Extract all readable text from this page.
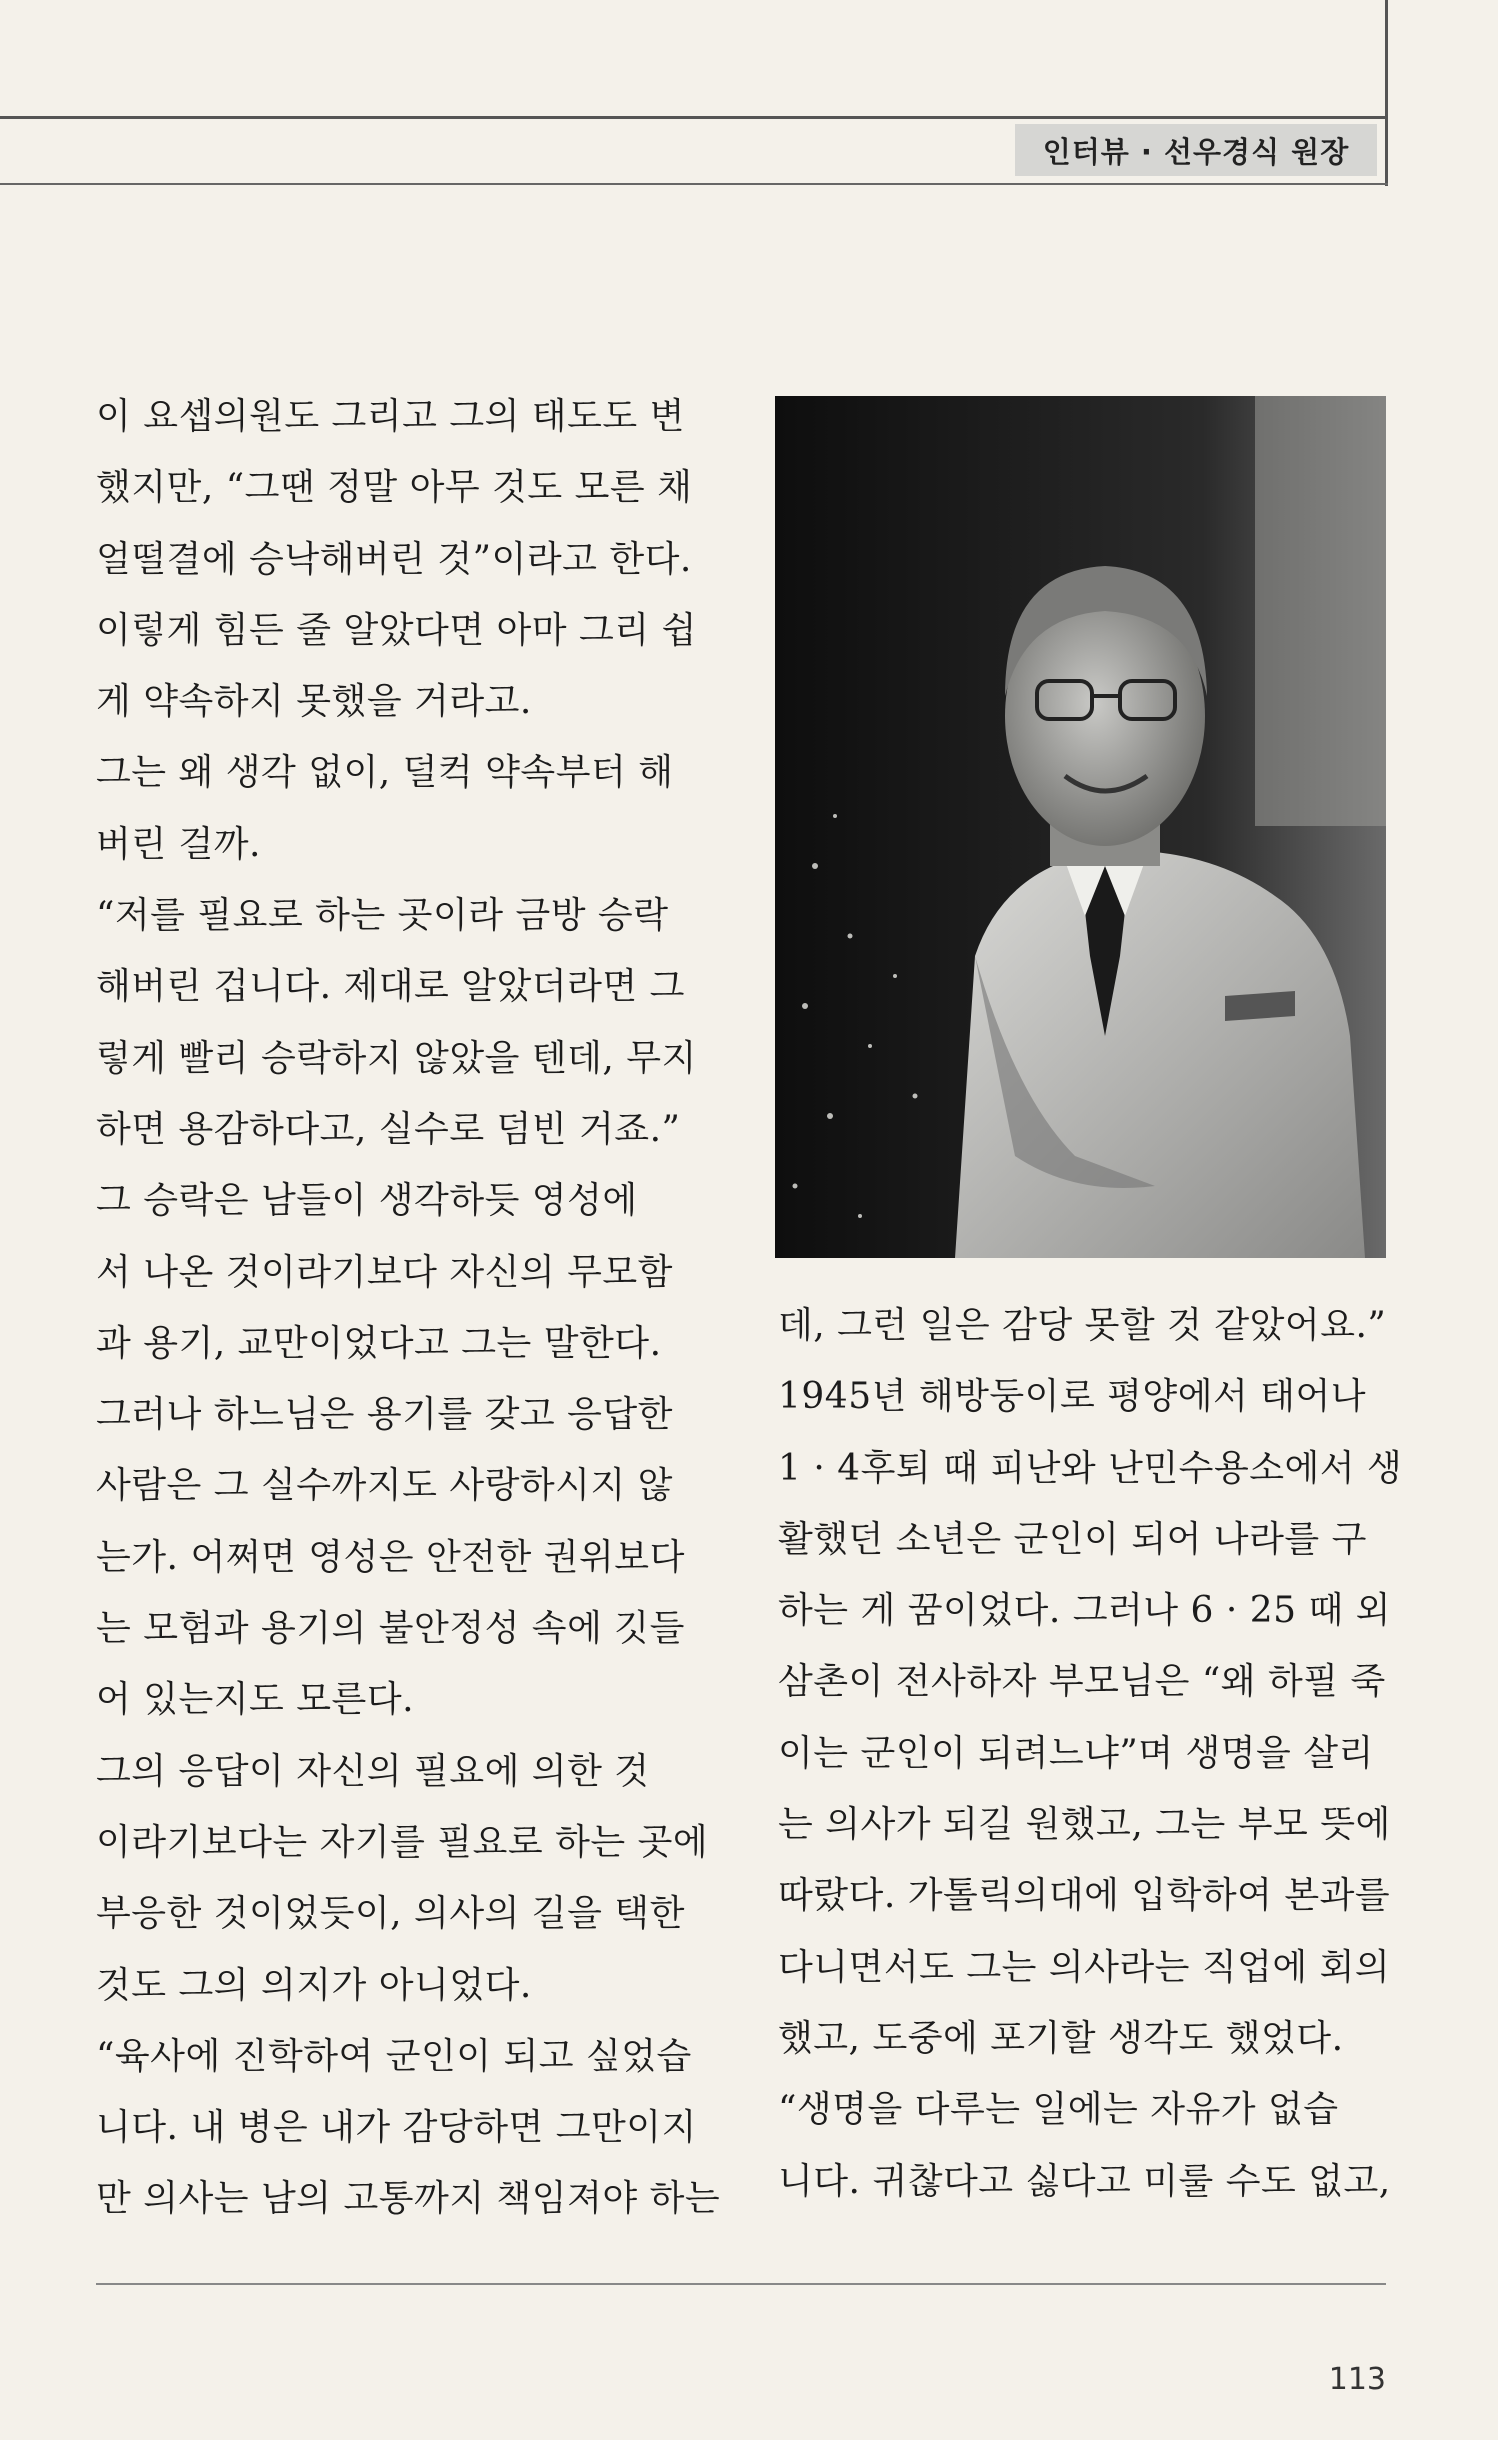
인터뷰 · 선우경식 원장

이 요셉의원도 그리고 그의 태도도 변

했지만, “그땐 정말 아무 것도 모른 채

얼떨결에 승낙해버린 것”이라고 한다.

이렇게 힘든 줄 알았다면 아마 그리 쉽

게 약속하지 못했을 거라고.

그는 왜 생각 없이, 덜컥 약속부터 해

버린 걸까.

“저를 필요로 하는 곳이라 금방 승락

해버린 겁니다. 제대로 알았더라면 그

렇게 빨리 승락하지 않았을 텐데, 무지

하면 용감하다고, 실수로 덤빈 거죠.”

그 승락은 남들이 생각하듯 영성에

서 나온 것이라기보다 자신의 무모함

과 용기, 교만이었다고 그는 말한다.

그러나 하느님은 용기를 갖고 응답한

사람은 그 실수까지도 사랑하시지 않

는가. 어쩌면 영성은 안전한 권위보다

는 모험과 용기의 불안정성 속에 깃들

어 있는지도 모른다.

그의 응답이 자신의 필요에 의한 것

이라기보다는 자기를 필요로 하는 곳에

부응한 것이었듯이, 의사의 길을 택한

것도 그의 의지가 아니었다.

“육사에 진학하여 군인이 되고 싶었습

니다. 내 병은 내가 감당하면 그만이지

만 의사는 남의 고통까지 책임져야 하는

데, 그런 일은 감당 못할 것 같았어요.”

1945년 해방둥이로 평양에서 태어나

1 · 4후퇴 때 피난와 난민수용소에서 생

활했던 소년은 군인이 되어 나라를 구

하는 게 꿈이었다. 그러나 6 · 25 때 외

삼촌이 전사하자 부모님은 “왜 하필 죽

이는 군인이 되려느냐”며 생명을 살리

는 의사가 되길 원했고, 그는 부모 뜻에

따랐다. 가톨릭의대에 입학하여 본과를

다니면서도 그는 의사라는 직업에 회의

했고, 도중에 포기할 생각도 했었다.

“생명을 다루는 일에는 자유가 없습

니다. 귀찮다고 싫다고 미룰 수도 없고,

113
